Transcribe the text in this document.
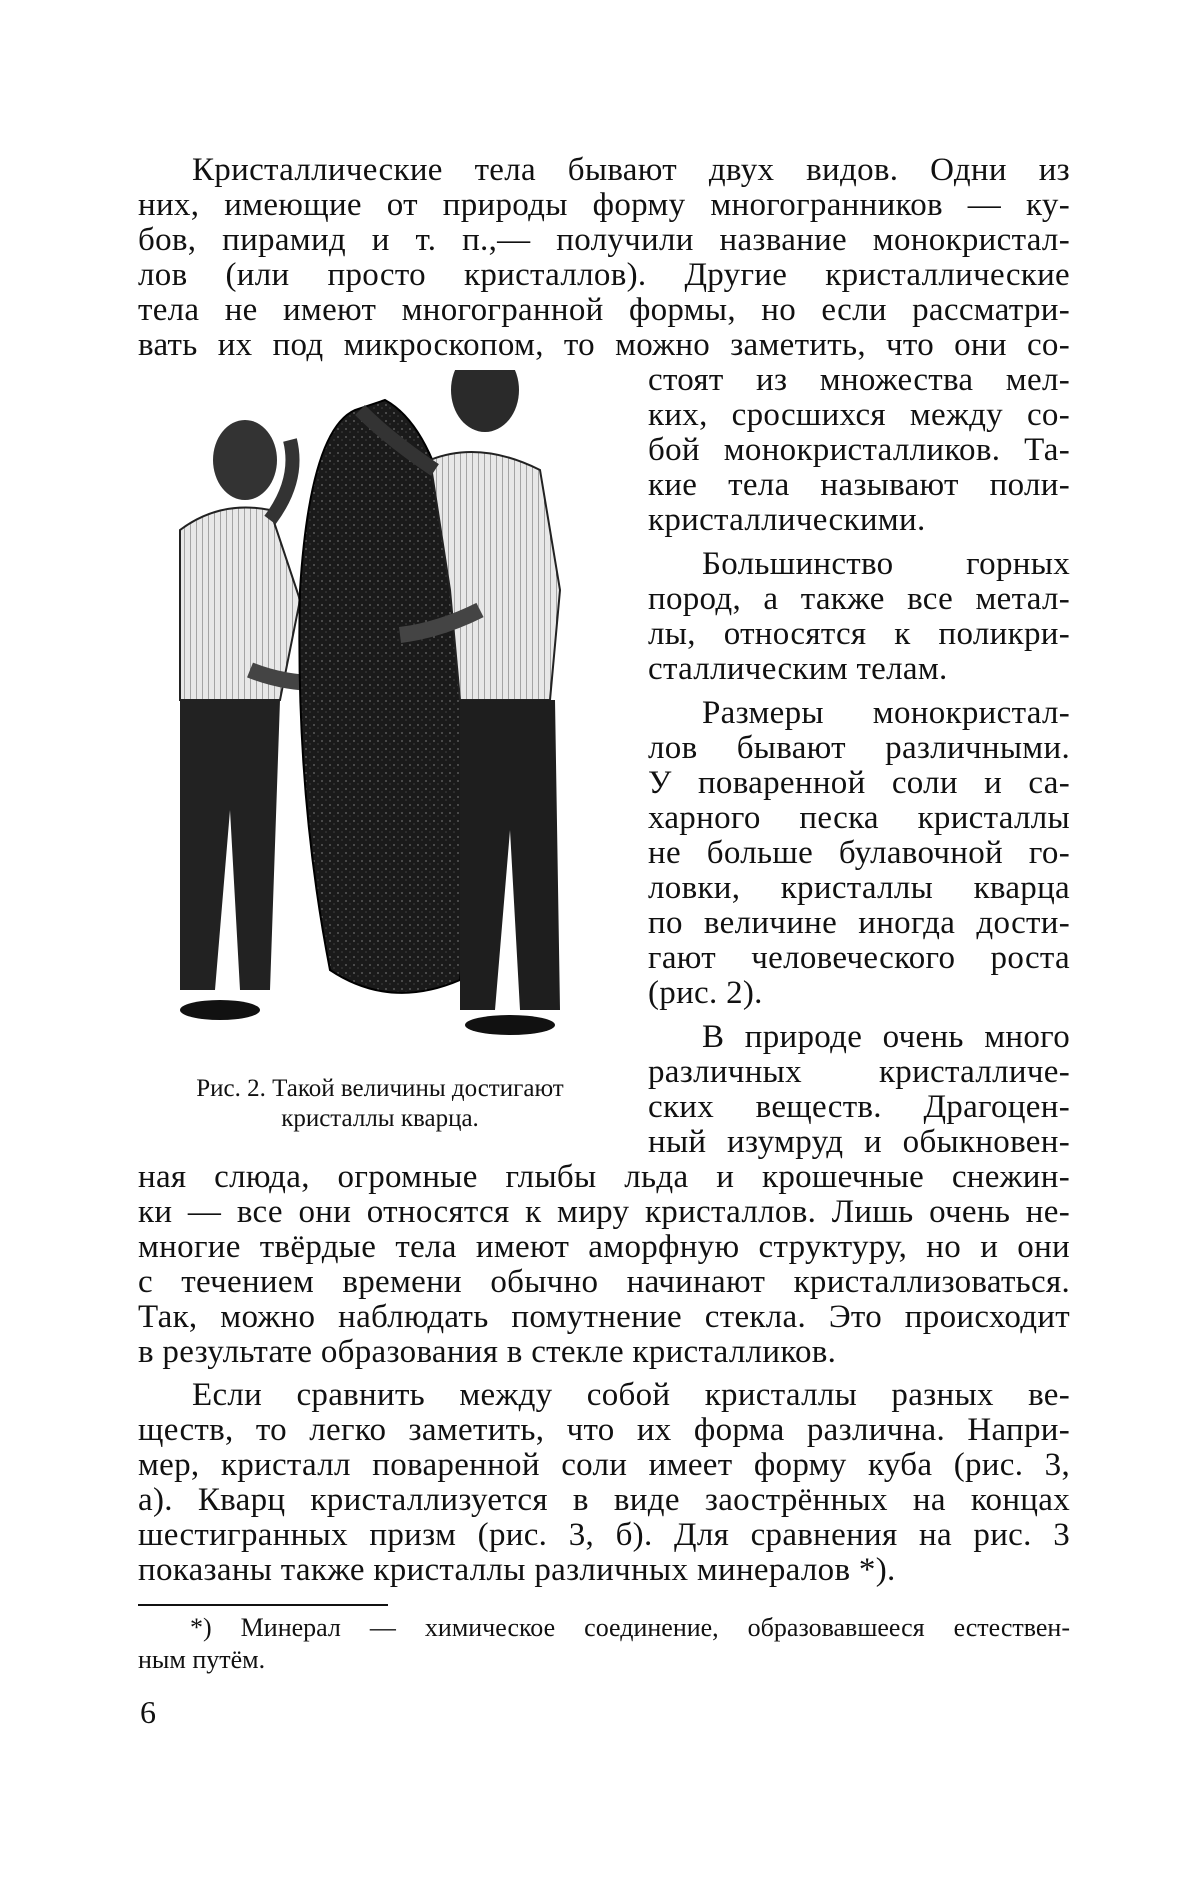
Кристаллические тела бывают двух видов. Одни из
них, имеющие от природы форму многогранников — ку-
бов, пирамид и т. п.,— получили название монокристал-
лов (или просто кристаллов). Другие кристаллические
тела не имеют многогранной формы, но если рассматри-
вать их под микроскопом, то можно заметить, что они со-
стоят из множества мел-
ких, сросшихся между со-
бой монокристалликов. Та-
кие тела называют поли-
кристаллическими.
Большинство горных
пород, а также все метал-
лы, относятся к поликри-
сталлическим телам.
Размеры монокристал-
лов бывают различными.
У поваренной соли и са-
харного песка кристаллы
не больше булавочной го-
ловки, кристаллы кварца
по величине иногда дости-
гают человеческого роста
(рис. 2).
В природе очень много
различных кристалличе-
ских веществ. Драгоцен-
ный изумруд и обыкновен-
Рис. 2. Такой величины достигают
кристаллы кварца.
ная слюда, огромные глыбы льда и крошечные снежин-
ки — все они относятся к миру кристаллов. Лишь очень не-
многие твёрдые тела имеют аморфную структуру, но и они
с течением времени обычно начинают кристаллизоваться.
Так, можно наблюдать помутнение стекла. Это происходит
в результате образования в стекле кристалликов.
Если сравнить между собой кристаллы разных ве-
ществ, то легко заметить, что их форма различна. Напри-
мер, кристалл поваренной соли имеет форму куба (рис. 3,
а). Кварц кристаллизуется в виде заострённых на концах
шестигранных призм (рис. 3, б). Для сравнения на рис. 3
показаны также кристаллы различных минералов *).
*) Минерал — химическое соединение, образовавшееся естествен-
ным путём.
6
